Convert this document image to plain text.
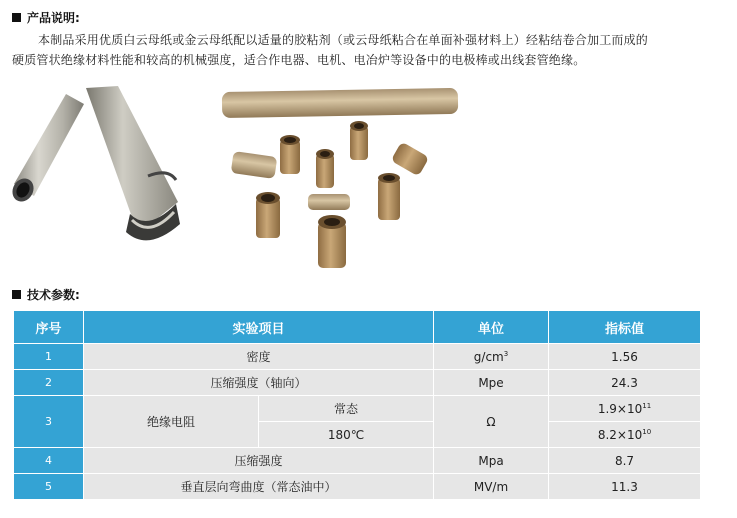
产品说明:

本制品采用优质白云母纸或金云母纸配以适量的胶粘剂（或云母纸粘合在单面补强材料上）经粘结卷合加工而成的

硬质管状绝缘材料性能和较高的机械强度，适合作电器、电机、电冶炉等设备中的电极棒或出线套管绝缘。

技术参数:
序号	实验项目		单位	指标值
1	密度		$g/cm^3$	1.56
2	压缩强度（轴向）		Mpe	24.3
3	绝缘电阻	常态	Ω	$1.9\times 10^{11}$
		180℃		$8.2\times 10^{10}$
4	压缩强度		Mpa	8.7
5	垂直层向弯曲度（常态油中）		MV/m	11.3
